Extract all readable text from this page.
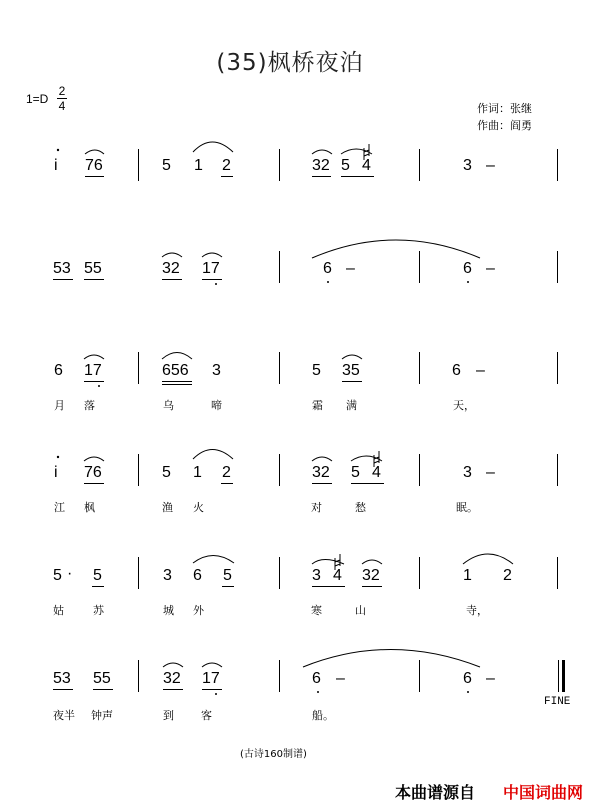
(35)枫桥夜泊
1=D
2
4	作词：张继
作曲：阎勇
i 76	5 1 2	32 5 4	3 –
53 55	32 17	6 –	6 –
6 17	656 3	5 35	6 –
月 落	乌	啼	霜 满	天，
i 76	5 1 2	32 5 4	3 –
江 枫	渔 火	对	愁	眠。
5 · 5	3 6 5	3 4 32	1 2
姑	苏	城 外	寒	山	寺，
53 55	32 17	6 –	6 –
夜半 钟声	到 客	船。
FINE
(古诗160制谱)
本曲谱源自 中国词曲网
